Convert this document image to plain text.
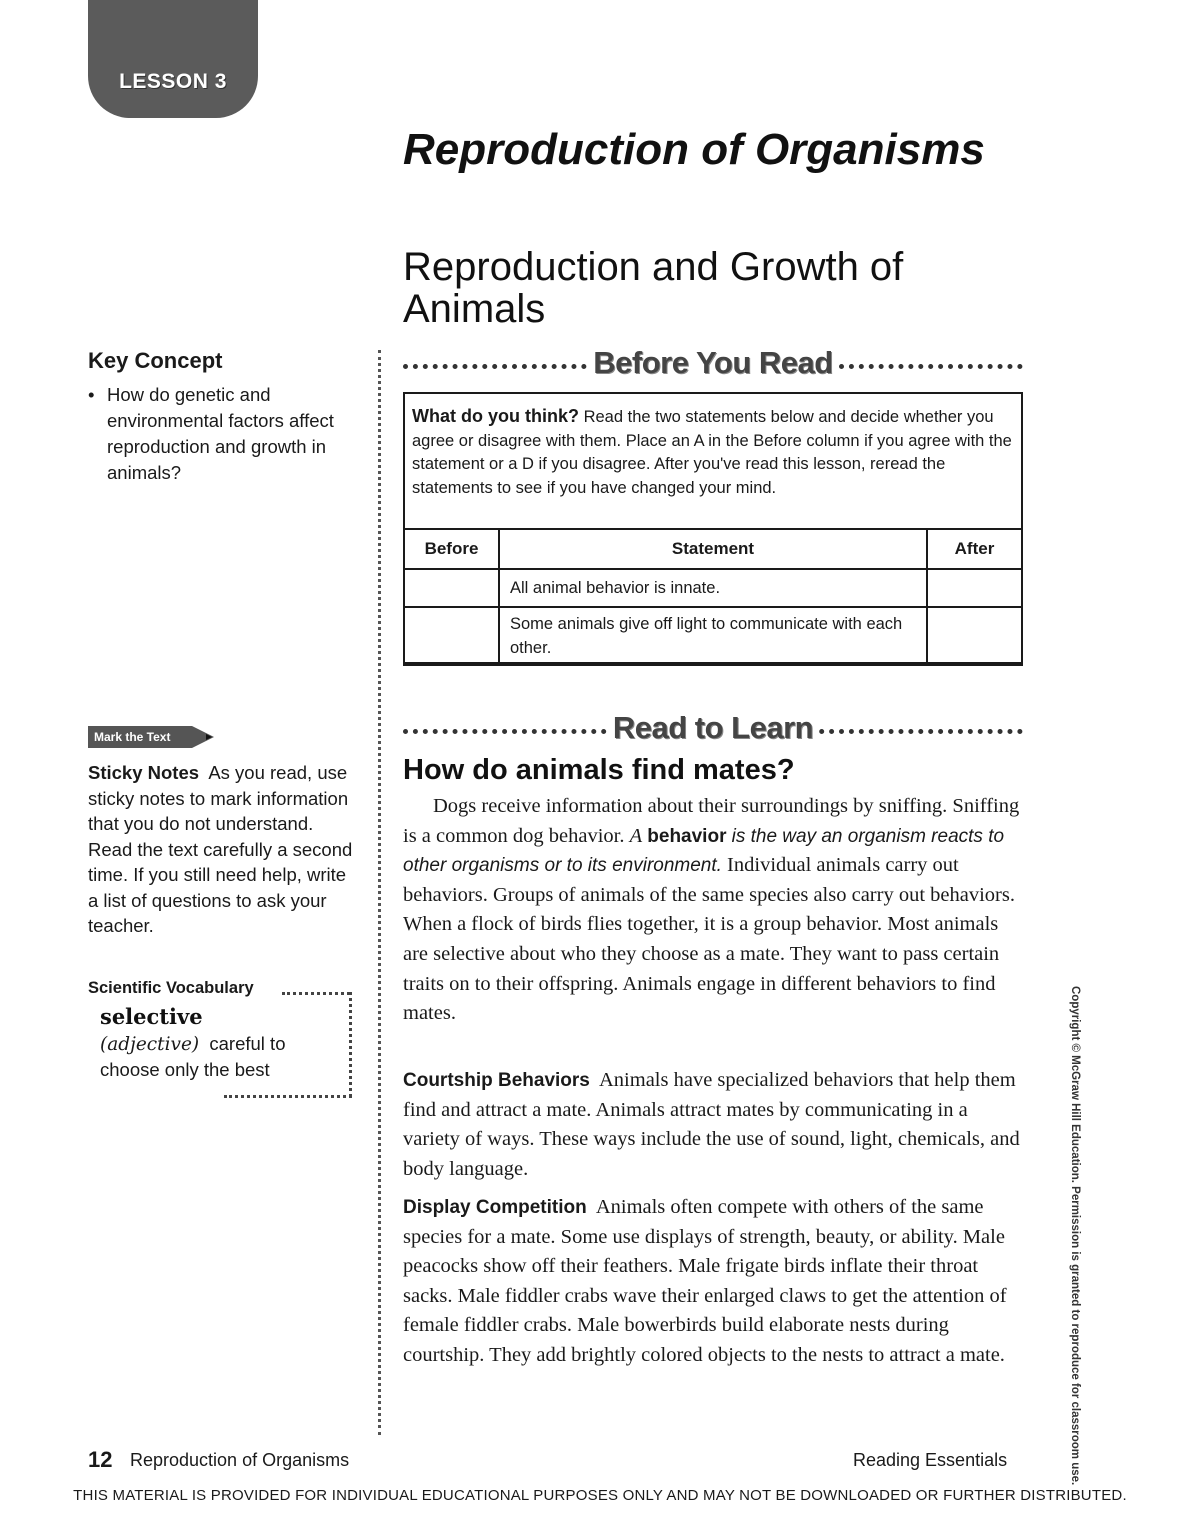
LESSON 3
Reproduction of Organisms
Reproduction and Growth of Animals
Key Concept
• How do genetic and environmental factors affect reproduction and growth in animals?
Before You Read
What do you think? Read the two statements below and decide whether you agree or disagree with them. Place an A in the Before column if you agree with the statement or a D if you disagree. After you've read this lesson, reread the statements to see if you have changed your mind.
Before	Statement	After
	All animal behavior is innate.	
	Some animals give off light to communicate with each other.	
Mark the Text
Sticky Notes As you read, use sticky notes to mark information that you do not understand. Read the text carefully a second time. If you still need help, write a list of questions to ask your teacher.
Scientific Vocabulary
selective
(adjective) careful to choose only the best
Read to Learn
How do animals find mates?
Dogs receive information about their surroundings by sniffing. Sniffing is a common dog behavior. A behavior is the way an organism reacts to other organisms or to its environment. Individual animals carry out behaviors. Groups of animals of the same species also carry out behaviors. When a flock of birds flies together, it is a group behavior. Most animals are selective about who they choose as a mate. They want to pass certain traits on to their offspring. Animals engage in different behaviors to find mates.
Courtship Behaviors Animals have specialized behaviors that help them find and attract a mate. Animals attract mates by communicating in a variety of ways. These ways include the use of sound, light, chemicals, and body language.
Display Competition Animals often compete with others of the same species for a mate. Some use displays of strength, beauty, or ability. Male peacocks show off their feathers. Male frigate birds inflate their throat sacks. Male fiddler crabs wave their enlarged claws to get the attention of female fiddler crabs. Male bowerbirds build elaborate nests during courtship. They add brightly colored objects to the nests to attract a mate.	Copyright © McGraw Hill Education. Permission is granted to reproduce for classroom use.
12 Reproduction of Organisms	Reading Essentials
THIS MATERIAL IS PROVIDED FOR INDIVIDUAL EDUCATIONAL PURPOSES ONLY AND MAY NOT BE DOWNLOADED OR FURTHER DISTRIBUTED.
